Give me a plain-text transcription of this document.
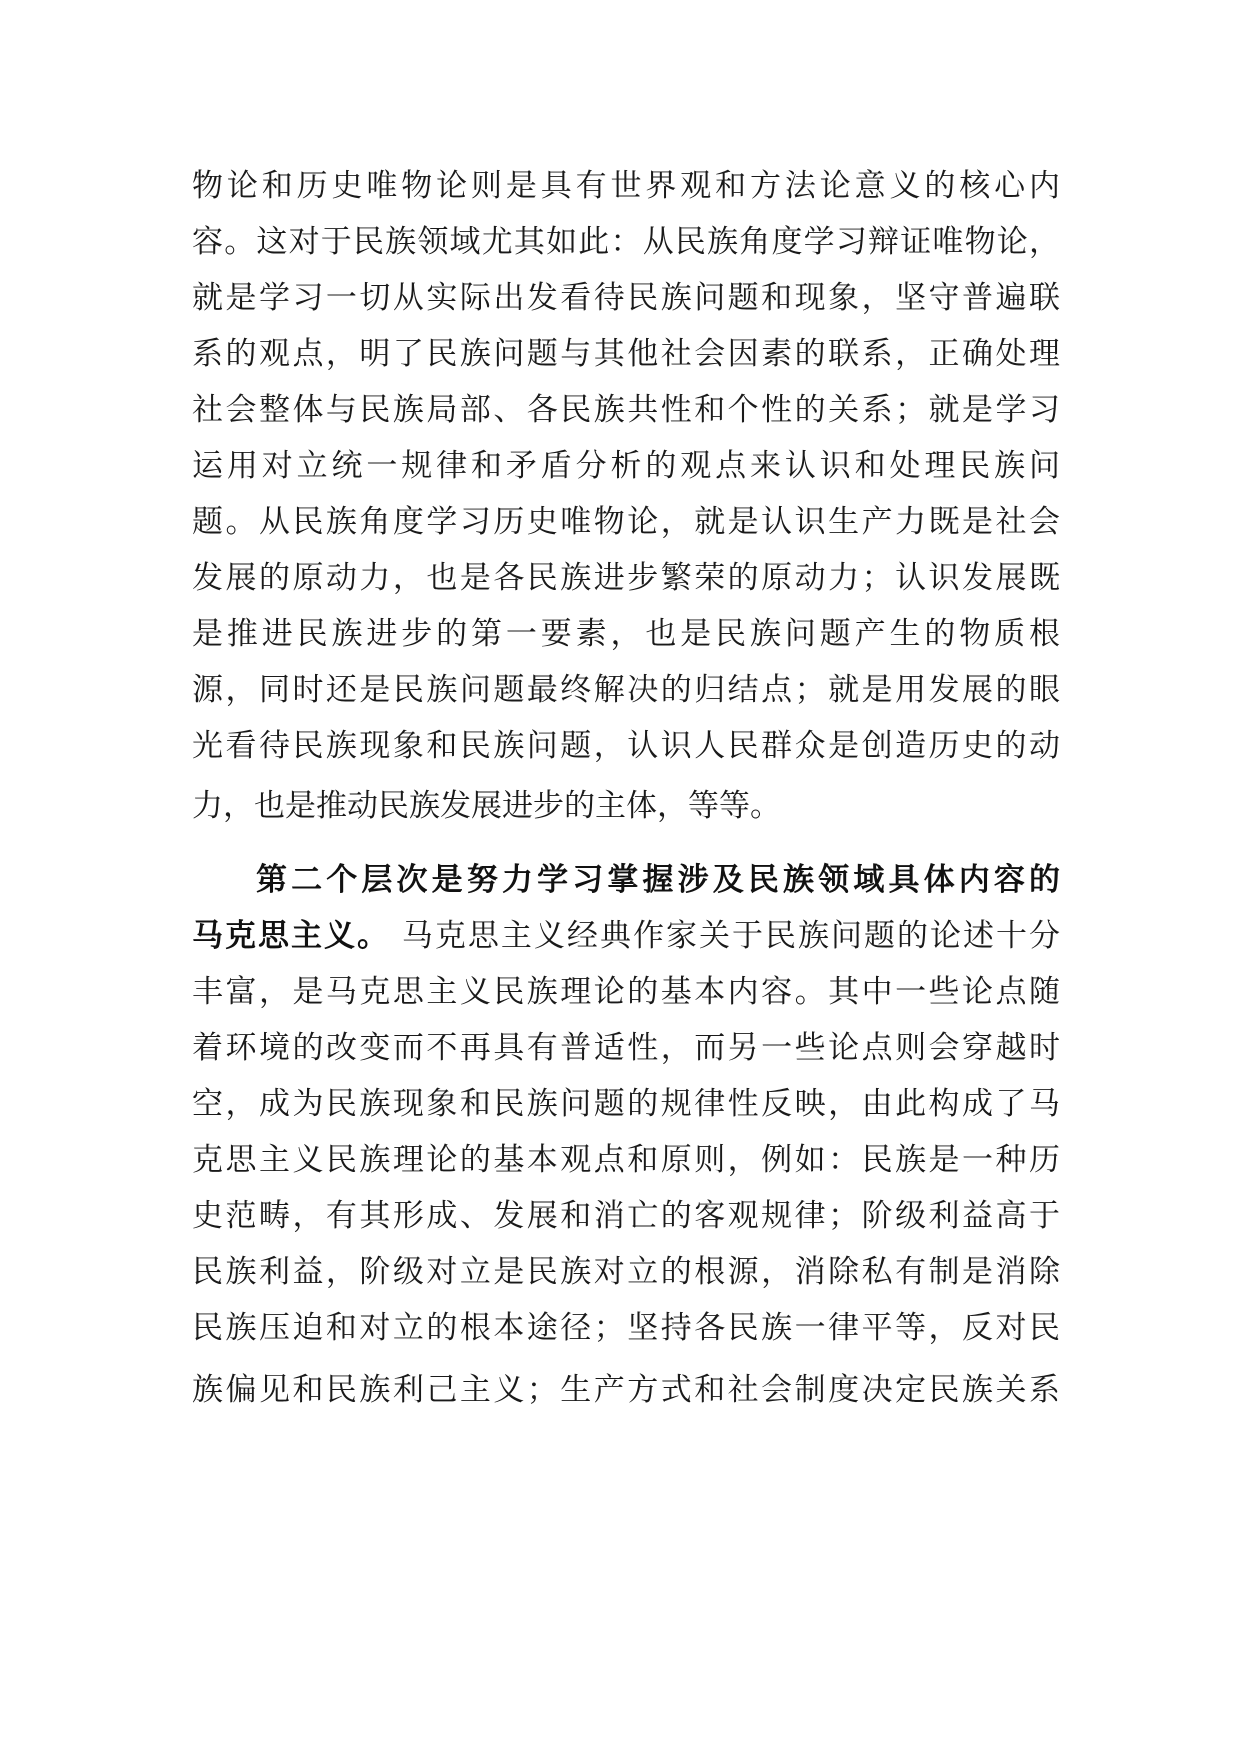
物论和历史唯物论则是具有世界观和方法论意义的核心内
容。这对于民族领域尤其如此：从民族角度学习辩证唯物论，
就是学习一切从实际出发看待民族问题和现象，坚守普遍联
系的观点，明了民族问题与其他社会因素的联系，正确处理
社会整体与民族局部、各民族共性和个性的关系；就是学习
运用对立统一规律和矛盾分析的观点来认识和处理民族问
题。从民族角度学习历史唯物论，就是认识生产力既是社会
发展的原动力，也是各民族进步繁荣的原动力；认识发展既
是推进民族进步的第一要素，也是民族问题产生的物质根
源，同时还是民族问题最终解决的归结点；就是用发展的眼
光看待民族现象和民族问题，认识人民群众是创造历史的动
力，也是推动民族发展进步的主体，等等。
第二个层次是努力学习掌握涉及民族领域具体内容的
马克思主义。 马克思主义经典作家关于民族问题的论述十分
丰富，是马克思主义民族理论的基本内容。其中一些论点随
着环境的改变而不再具有普适性，而另一些论点则会穿越时
空，成为民族现象和民族问题的规律性反映，由此构成了马
克思主义民族理论的基本观点和原则，例如：民族是一种历
史范畴，有其形成、发展和消亡的客观规律；阶级利益高于
民族利益，阶级对立是民族对立的根源，消除私有制是消除
民族压迫和对立的根本途径；坚持各民族一律平等，反对民
族偏见和民族利己主义；生产方式和社会制度决定民族关系
